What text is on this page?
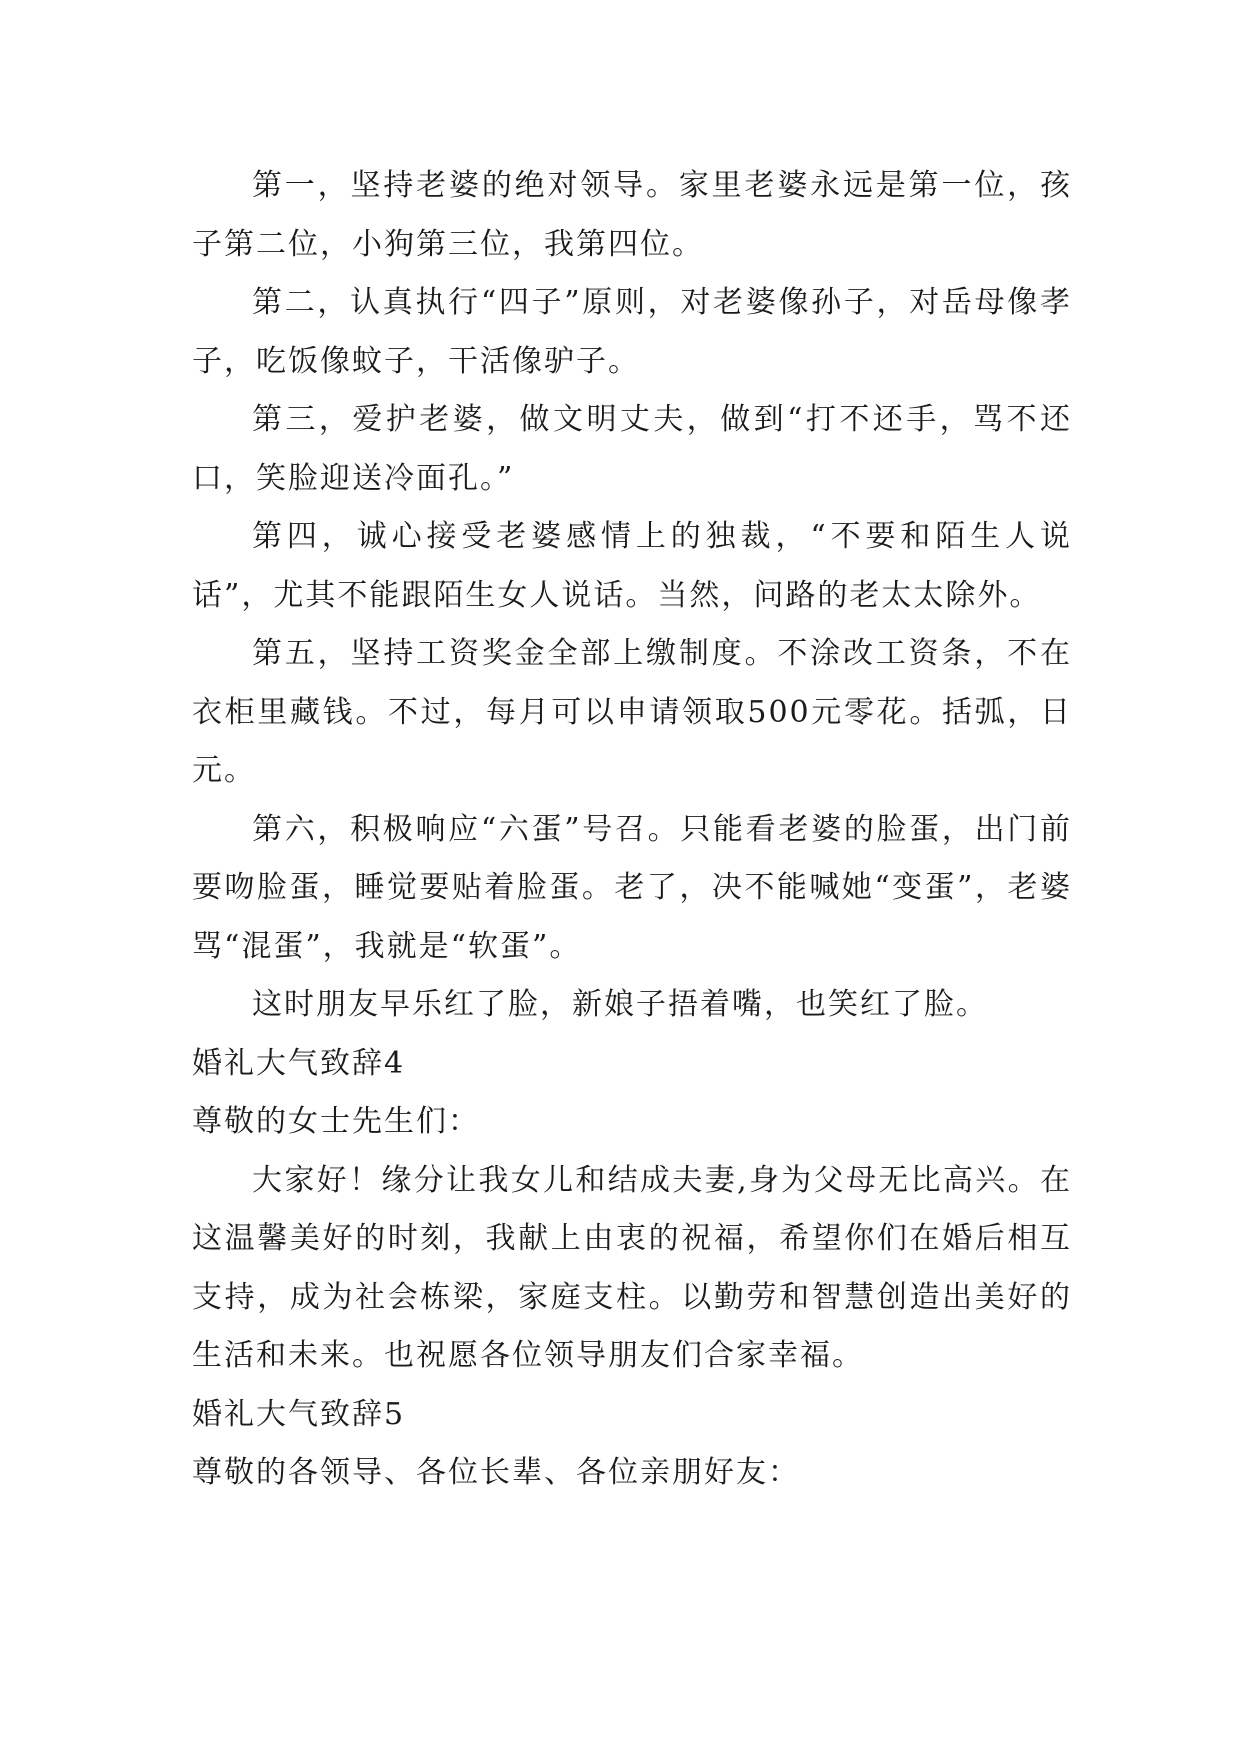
第一，坚持老婆的绝对领导。家里老婆永远是第一位，孩子第二位，小狗第三位，我第四位。

第二，认真执行“四子”原则，对老婆像孙子，对岳母像孝子，吃饭像蚊子，干活像驴子。

第三，爱护老婆，做文明丈夫，做到“打不还手，骂不还口，笑脸迎送冷面孔。”

第四，诚心接受老婆感情上的独裁，“不要和陌生人说话”，尤其不能跟陌生女人说话。当然，问路的老太太除外。

第五，坚持工资奖金全部上缴制度。不涂改工资条，不在衣柜里藏钱。不过，每月可以申请领取500元零花。括弧，日元。

第六，积极响应“六蛋”号召。只能看老婆的脸蛋，出门前要吻脸蛋，睡觉要贴着脸蛋。老了，决不能喊她“变蛋”，老婆骂“混蛋”，我就是“软蛋”。

这时朋友早乐红了脸，新娘子捂着嘴，也笑红了脸。

婚礼大气致辞4

尊敬的女士先生们：

大家好！缘分让我女儿和结成夫妻,身为父母无比高兴。在这温馨美好的时刻，我献上由衷的祝福，希望你们在婚后相互支持，成为社会栋梁，家庭支柱。以勤劳和智慧创造出美好的生活和未来。也祝愿各位领导朋友们合家幸福。

婚礼大气致辞5

尊敬的各领导、各位长辈、各位亲朋好友：
